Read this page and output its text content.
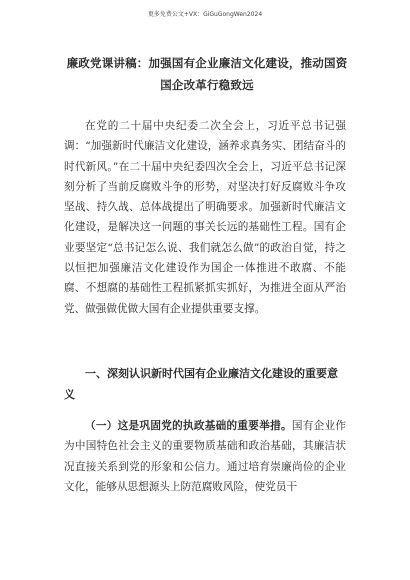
更多免费公文+VX：GiGuGongWen2024
廉政党课讲稿：加强国有企业廉洁文化建设，推动国资国企改革行稳致远
在党的二十届中央纪委二次全会上，习近平总书记强调：“加强新时代廉洁文化建设，涵养求真务实、团结奋斗的时代新风。”在二十届中央纪委四次全会上，习近平总书记深刻分析了当前反腐败斗争的形势，对坚决打好反腐败斗争攻坚战、持久战、总体战提出了明确要求。加强新时代廉洁文化建设，是解决这一问题的事关长远的基础性工程。国有企业要坚定“总书记怎么说、我们就怎么做”的政治自觉，持之以恒把加强廉洁文化建设作为国企一体推进不敢腐、不能腐、不想腐的基础性工程抓紧抓实抓好，为推进全面从严治党、做强做优做大国有企业提供重要支撑。
一、深刻认识新时代国有企业廉洁文化建设的重要意义
（一）这是巩固党的执政基础的重要举措。国有企业作为中国特色社会主义的重要物质基础和政治基础，其廉洁状况直接关系到党的形象和公信力。通过培育崇廉尚俭的企业文化，能够从思想源头上防范腐败风险，使党员干
